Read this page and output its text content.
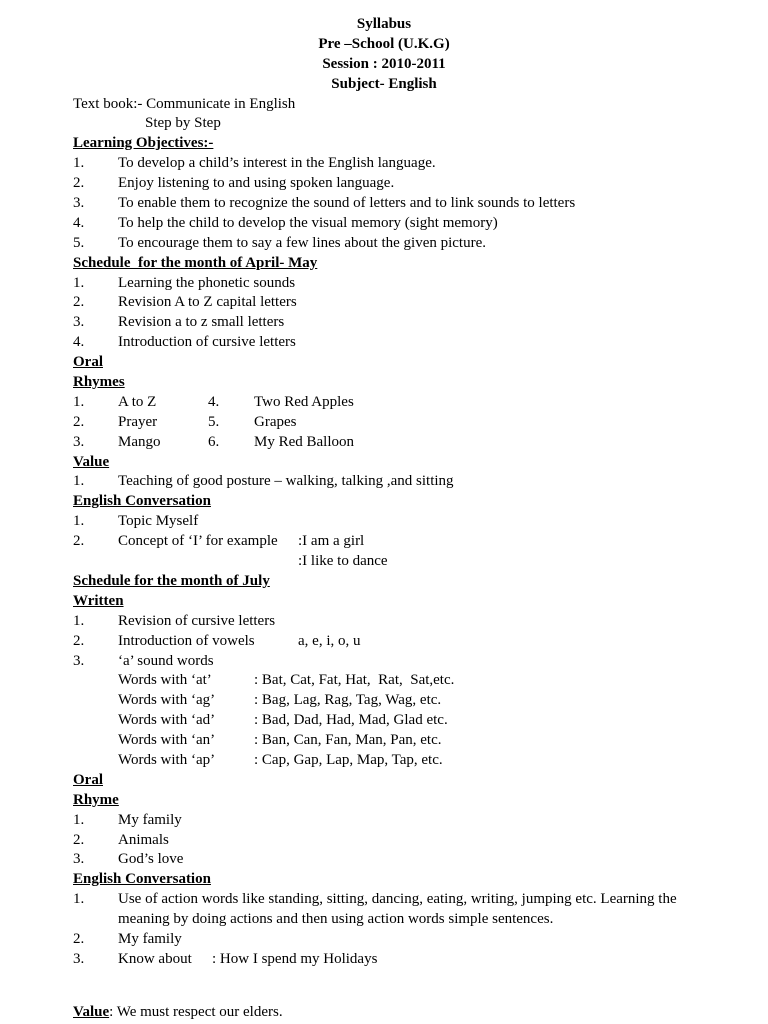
Syllabus
Pre –School (U.K.G)
Session : 2010-2011
Subject- English
Text book:- Communicate in English
Step by Step
Learning Objectives:-
1. To develop a child’s interest in the English language.
2. Enjoy listening to and using spoken language.
3. To enable them to recognize the sound of letters and to link sounds to letters
4. To help the child to develop the visual memory (sight memory)
5. To encourage them to say a few lines about the given picture.
Schedule  for the month of April- May
1. Learning the phonetic sounds
2. Revision A to Z capital letters
3. Revision a to z small letters
4. Introduction of cursive letters
Oral
Rhymes
1. A to Z	4. Two Red Apples
2. Prayer	5. Grapes
3. Mango	6. My Red Balloon
Value
1. Teaching of good posture – walking, talking ,and sitting
English Conversation
1. Topic Myself
2. Concept of ‘I’ for example :I am a girl
:I like to dance
Schedule for the month of July
Written
1. Revision of cursive letters
2. Introduction of vowels	a, e, i, o, u
3. ‘a’ sound words
Words with ‘at’	: Bat, Cat, Fat, Hat,  Rat,  Sat,etc.
Words with ‘ag’	: Bag, Lag, Rag, Tag, Wag, etc.
Words with ‘ad’	: Bad, Dad, Had, Mad, Glad etc.
Words with ‘an’	: Ban, Can, Fan, Man, Pan, etc.
Words with ‘ap’	: Cap, Gap, Lap, Map, Tap, etc.
Oral
Rhyme
1. My family
2. Animals
3. God’s love
English Conversation
1. Use of action words like standing, sitting, dancing, eating, writing, jumping etc. Learning the
meaning by doing actions and then using action words simple sentences.
2. My family
3. Know about : How I spend my Holidays
Value: We must respect our elders.
